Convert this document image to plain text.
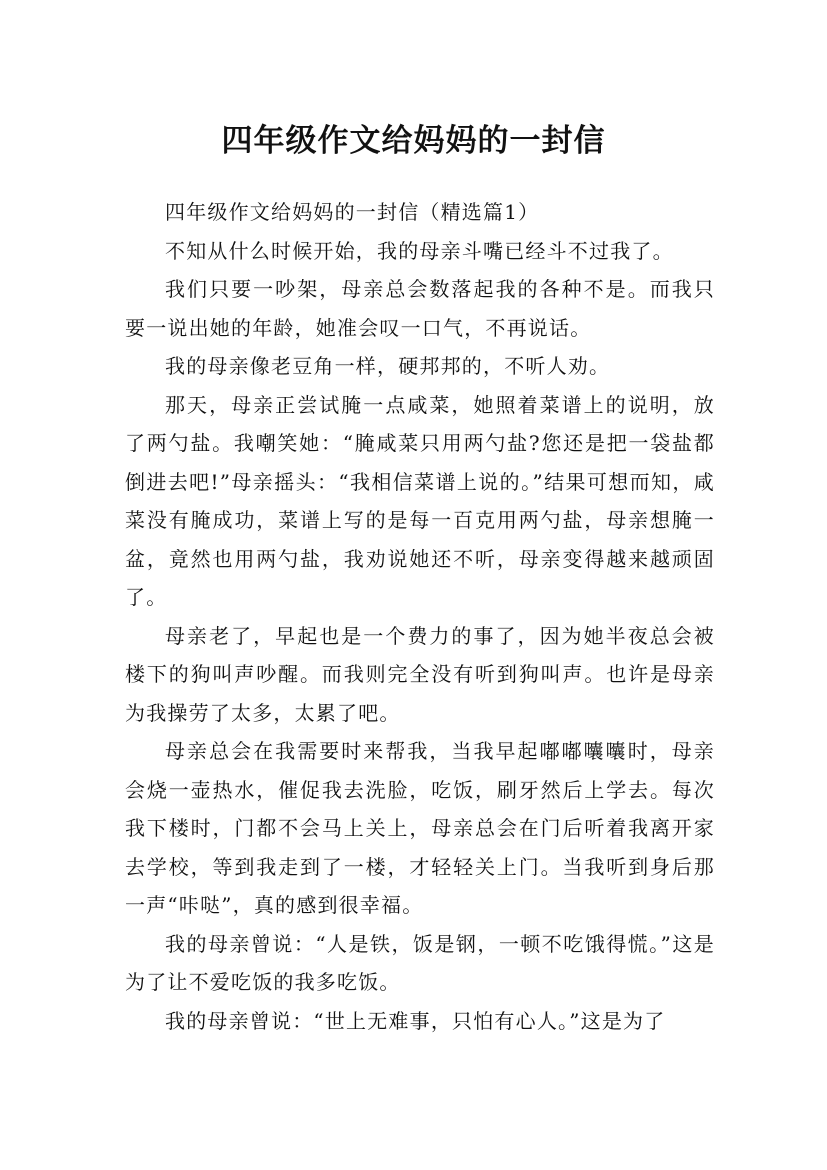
四年级作文给妈妈的一封信

四年级作文给妈妈的一封信（精选篇1）

不知从什么时候开始，我的母亲斗嘴已经斗不过我了。

我们只要一吵架，母亲总会数落起我的各种不是。而我只要一说出她的年龄，她准会叹一口气，不再说话。

我的母亲像老豆角一样，硬邦邦的，不听人劝。

那天，母亲正尝试腌一点咸菜，她照着菜谱上的说明，放了两勺盐。我嘲笑她：“腌咸菜只用两勺盐?您还是把一袋盐都倒进去吧!”母亲摇头：“我相信菜谱上说的。”结果可想而知，咸菜没有腌成功，菜谱上写的是每一百克用两勺盐，母亲想腌一盆，竟然也用两勺盐，我劝说她还不听，母亲变得越来越顽固了。

母亲老了，早起也是一个费力的事了，因为她半夜总会被楼下的狗叫声吵醒。而我则完全没有听到狗叫声。也许是母亲为我操劳了太多，太累了吧。

母亲总会在我需要时来帮我，当我早起嘟嘟囔囔时，母亲会烧一壶热水，催促我去洗脸，吃饭，刷牙然后上学去。每次我下楼时，门都不会马上关上，母亲总会在门后听着我离开家去学校，等到我走到了一楼，才轻轻关上门。当我听到身后那一声“咔哒”，真的感到很幸福。

我的母亲曾说：“人是铁，饭是钢，一顿不吃饿得慌。”这是为了让不爱吃饭的我多吃饭。

我的母亲曾说：“世上无难事，只怕有心人。”这是为了
